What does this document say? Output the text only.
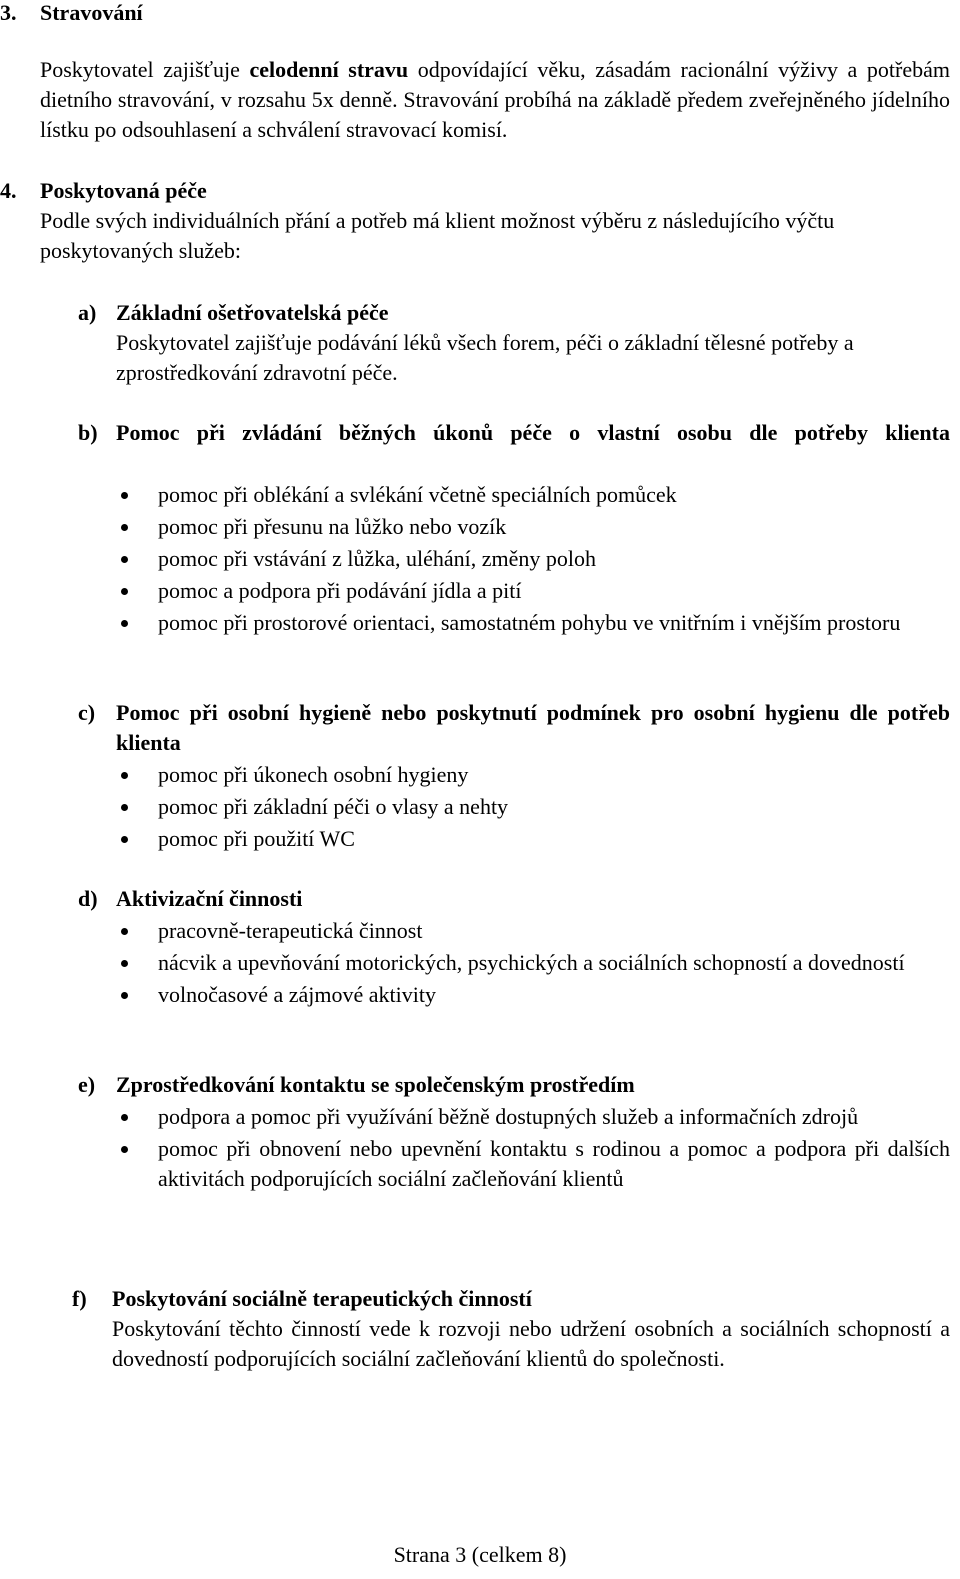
3. Stravování

Poskytovatel zajišťuje celodenní stravu odpovídající věku, zásadám racionální výživy a potřebám dietního stravování, v rozsahu 5x denně. Stravování probíhá na základě předem zveřejněného jídelního lístku po odsouhlasení a schválení stravovací komisí.

4. Poskytovaná péče

Podle svých individuálních přání a potřeb má klient možnost výběru z následujícího výčtu poskytovaných služeb:

a) Základní ošetřovatelská péče

Poskytovatel zajišťuje podávání léků všech forem, péči o základní tělesné potřeby a zprostředkování zdravotní péče.

b) Pomoc při zvládání běžných úkonů péče o vlastní osobu dle potřeby klienta
pomoc při oblékání a svlékání včetně speciálních pomůcek
pomoc při přesunu na lůžko nebo vozík
pomoc při vstávání z lůžka, uléhání, změny poloh
pomoc a podpora při podávání jídla a pití
pomoc při prostorové orientaci, samostatném pohybu ve vnitřním i vnějším prostoru
c) Pomoc při osobní hygieně nebo poskytnutí podmínek pro osobní hygienu dle potřeb klienta
pomoc při úkonech osobní hygieny
pomoc při základní péči o vlasy a nehty
pomoc při použití WC
d) Aktivizační činnosti
pracovně-terapeutická činnost
nácvik a upevňování motorických, psychických a sociálních schopností a dovedností
volnočasové a zájmové aktivity
e) Zprostředkování kontaktu se společenským prostředím
podpora a pomoc při využívání běžně dostupných služeb a informačních zdrojů
pomoc při obnovení nebo upevnění kontaktu s rodinou a pomoc a podpora při dalších aktivitách podporujících sociální začleňování klientů
f) Poskytování sociálně terapeutických činností

Poskytování těchto činností vede k rozvoji nebo udržení osobních a sociálních schopností a dovedností podporujících sociální začleňování klientů do společnosti.

Strana 3 (celkem 8)
